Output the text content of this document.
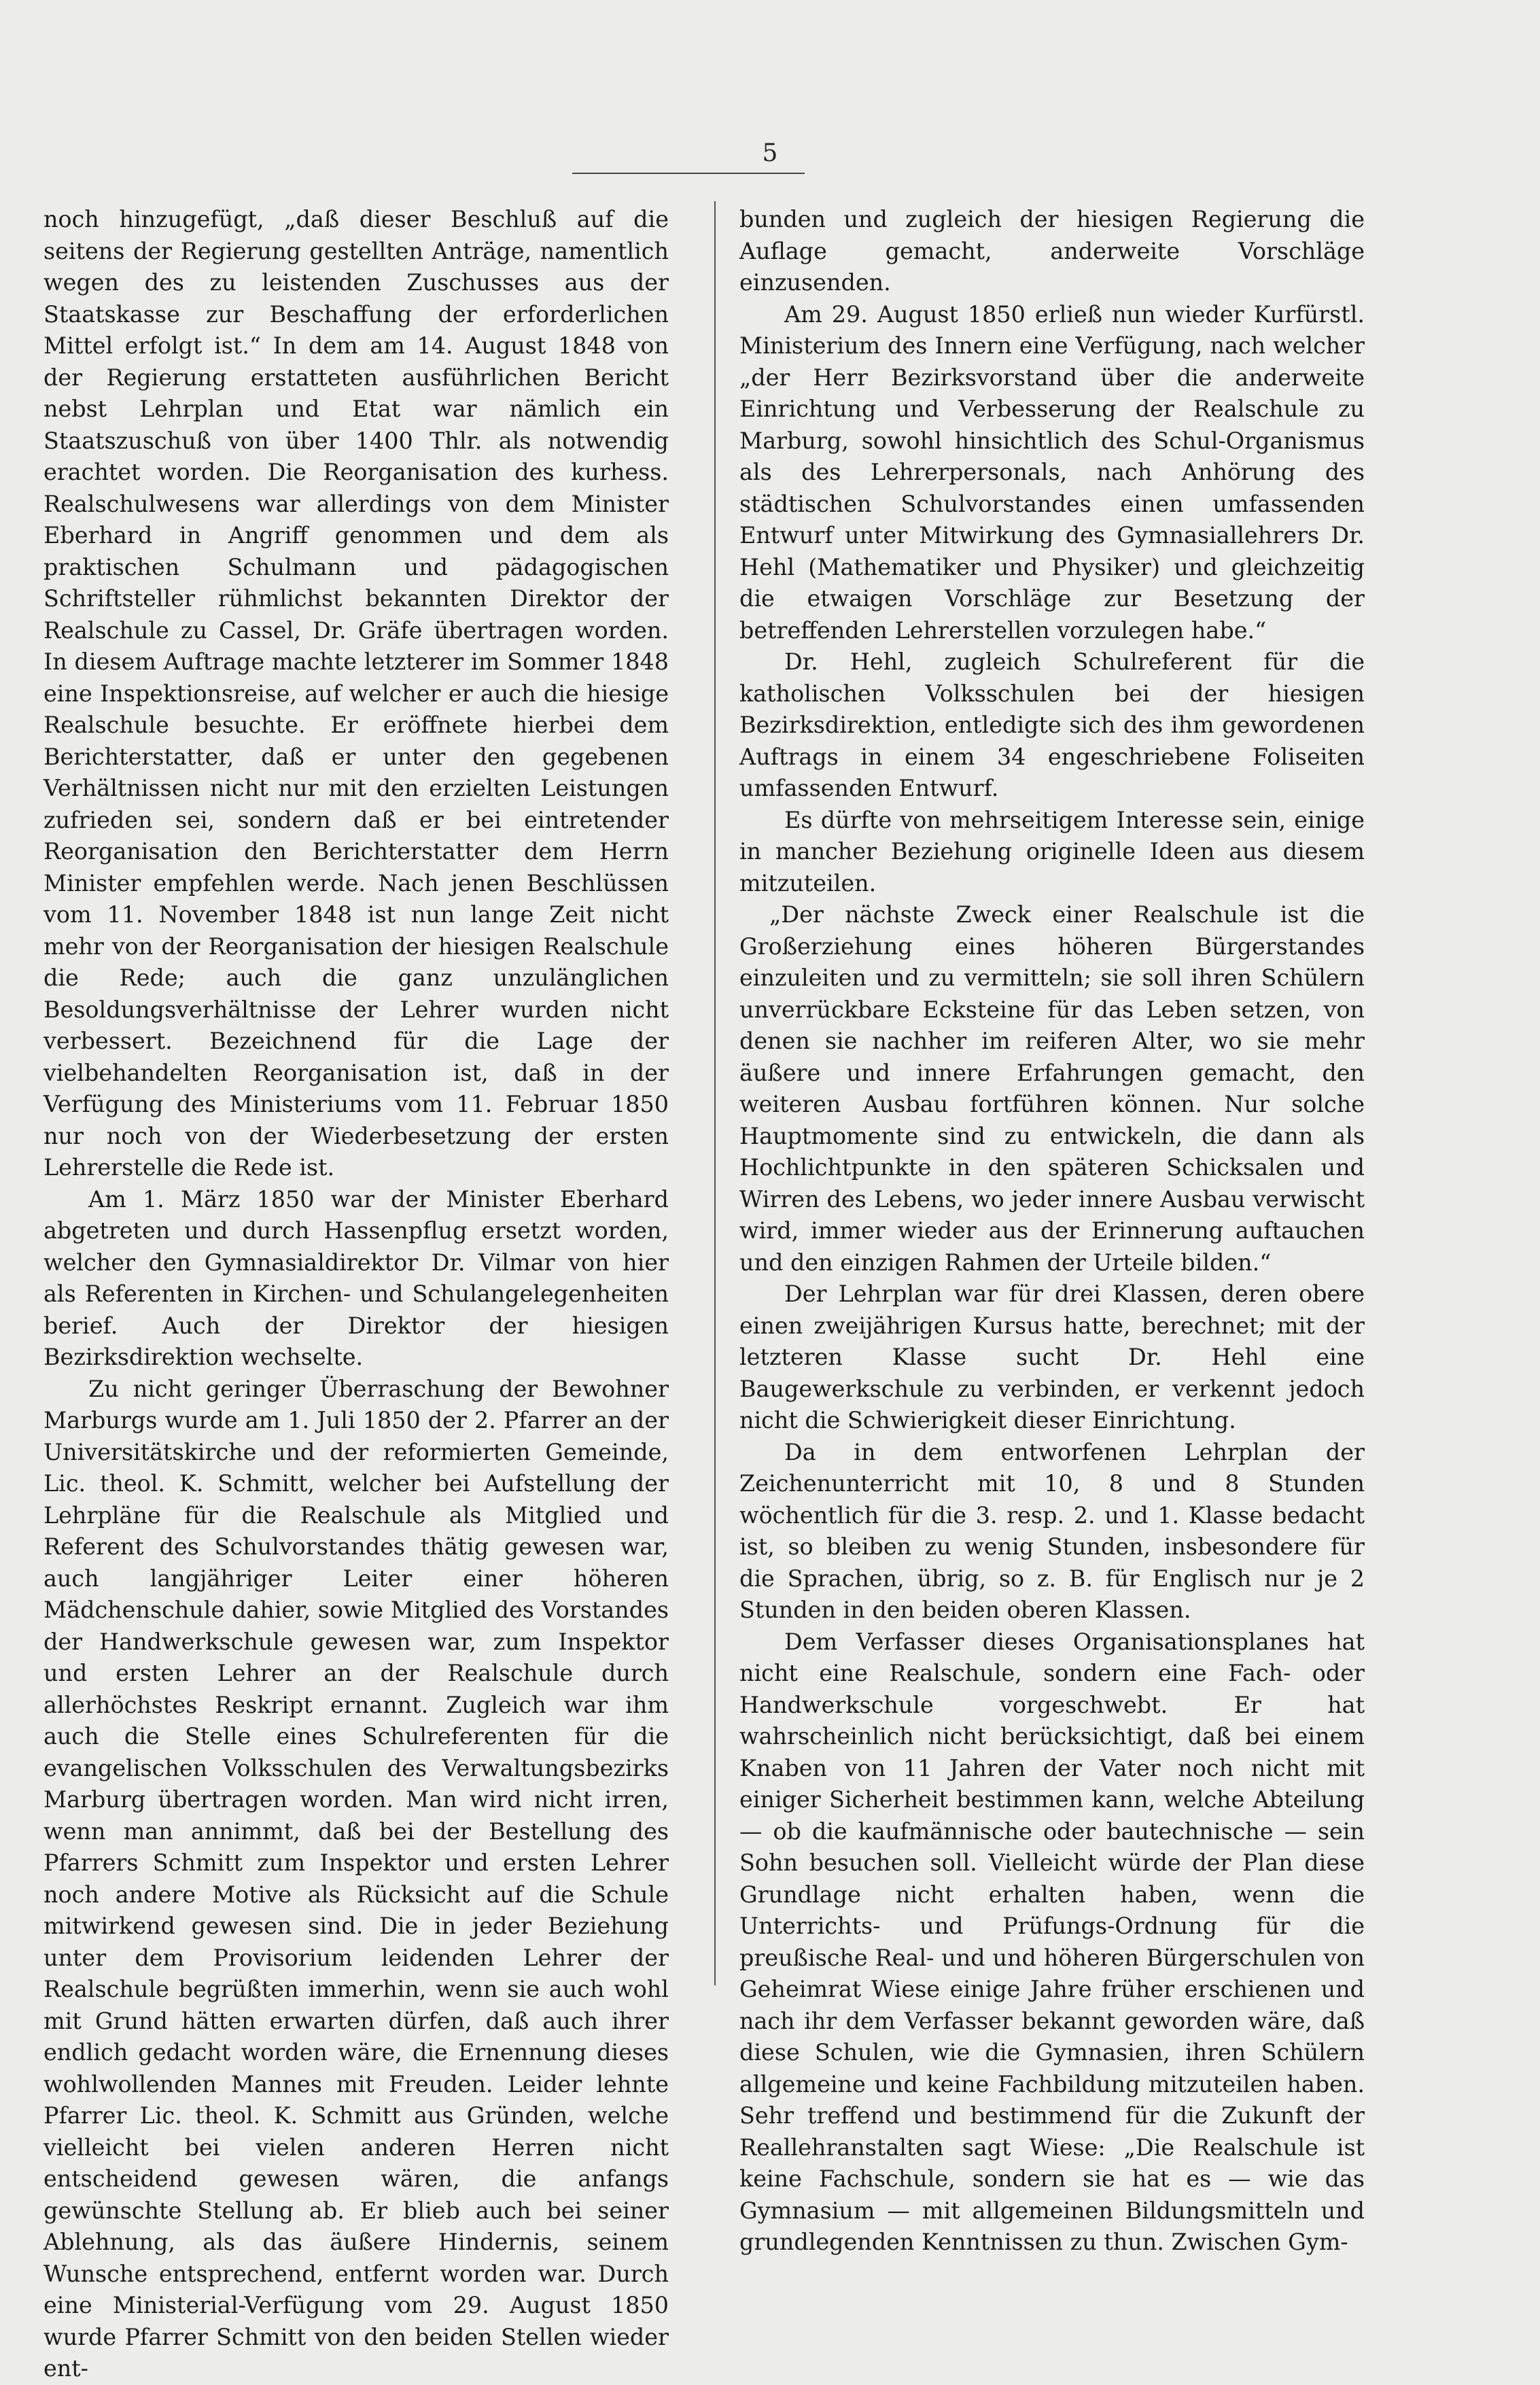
5

noch hinzugefügt, „daß dieser Beschluß auf die seitens der Regierung gestellten Anträge, namentlich wegen des zu leistenden Zuschusses aus der Staatskasse zur Beschaffung der erforderlichen Mittel erfolgt ist.“ In dem am 14. August 1848 von der Regierung erstatteten ausführlichen Bericht nebst Lehrplan und Etat war nämlich ein Staatszuschuß von über 1400 Thlr. als notwendig erachtet worden. Die Reorganisation des kurhess. Realschulwesens war allerdings von dem Minister Eberhard in Angriff genommen und dem als praktischen Schulmann und pädagogischen Schriftsteller rühmlichst bekannten Direktor der Realschule zu Cassel, Dr. Gräfe übertragen worden. In diesem Auftrage machte letzterer im Sommer 1848 eine Inspektionsreise, auf welcher er auch die hiesige Realschule besuchte. Er eröffnete hierbei dem Berichterstatter, daß er unter den gegebenen Verhältnissen nicht nur mit den erzielten Leistungen zufrieden sei, sondern daß er bei eintretender Reorganisation den Berichterstatter dem Herrn Minister empfehlen werde. Nach jenen Beschlüssen vom 11. November 1848 ist nun lange Zeit nicht mehr von der Reorganisation der hiesigen Realschule die Rede; auch die ganz unzulänglichen Besoldungsverhältnisse der Lehrer wurden nicht verbessert. Bezeichnend für die Lage der vielbehandelten Reorganisation ist, daß in der Verfügung des Ministeriums vom 11. Februar 1850 nur noch von der Wiederbesetzung der ersten Lehrerstelle die Rede ist.

Am 1. März 1850 war der Minister Eberhard abgetreten und durch Hassenpflug ersetzt worden, welcher den Gymnasialdirektor Dr. Vilmar von hier als Referenten in Kirchen- und Schulangelegenheiten berief. Auch der Direktor der hiesigen Bezirksdirektion wechselte.

Zu nicht geringer Überraschung der Bewohner Marburgs wurde am 1. Juli 1850 der 2. Pfarrer an der Universitätskirche und der reformierten Gemeinde, Lic. theol. K. Schmitt, welcher bei Aufstellung der Lehrpläne für die Realschule als Mitglied und Referent des Schulvorstandes thätig gewesen war, auch langjähriger Leiter einer höheren Mädchenschule dahier, sowie Mitglied des Vorstandes der Handwerkschule gewesen war, zum Inspektor und ersten Lehrer an der Realschule durch allerhöchstes Reskript ernannt. Zugleich war ihm auch die Stelle eines Schulreferenten für die evangelischen Volksschulen des Verwaltungsbezirks Marburg übertragen worden. Man wird nicht irren, wenn man annimmt, daß bei der Bestellung des Pfarrers Schmitt zum Inspektor und ersten Lehrer noch andere Motive als Rücksicht auf die Schule mitwirkend gewesen sind. Die in jeder Beziehung unter dem Provisorium leidenden Lehrer der Realschule begrüßten immerhin, wenn sie auch wohl mit Grund hätten erwarten dürfen, daß auch ihrer endlich gedacht worden wäre, die Ernennung dieses wohlwollenden Mannes mit Freuden. Leider lehnte Pfarrer Lic. theol. K. Schmitt aus Gründen, welche vielleicht bei vielen anderen Herren nicht entscheidend gewesen wären, die anfangs gewünschte Stellung ab. Er blieb auch bei seiner Ablehnung, als das äußere Hindernis, seinem Wunsche entsprechend, entfernt worden war. Durch eine Ministerial-Verfügung vom 29. August 1850 wurde Pfarrer Schmitt von den beiden Stellen wieder ent-

bunden und zugleich der hiesigen Regierung die Auflage gemacht, anderweite Vorschläge einzusenden.

Am 29. August 1850 erließ nun wieder Kurfürstl. Ministerium des Innern eine Verfügung, nach welcher „der Herr Bezirksvorstand über die anderweite Einrichtung und Verbesserung der Realschule zu Marburg, sowohl hinsichtlich des Schul-Organismus als des Lehrerpersonals, nach Anhörung des städtischen Schulvorstandes einen umfassenden Entwurf unter Mitwirkung des Gymnasiallehrers Dr. Hehl (Mathematiker und Physiker) und gleichzeitig die etwaigen Vorschläge zur Besetzung der betreffenden Lehrerstellen vorzulegen habe.“

Dr. Hehl, zugleich Schulreferent für die katholischen Volksschulen bei der hiesigen Bezirksdirektion, entledigte sich des ihm gewordenen Auftrags in einem 34 engeschriebene Foliseiten umfassenden Entwurf.

Es dürfte von mehrseitigem Interesse sein, einige in mancher Beziehung originelle Ideen aus diesem mitzuteilen.

„Der nächste Zweck einer Realschule ist die Großerziehung eines höheren Bürgerstandes einzuleiten und zu vermitteln; sie soll ihren Schülern unverrückbare Ecksteine für das Leben setzen, von denen sie nachher im reiferen Alter, wo sie mehr äußere und innere Erfahrungen gemacht, den weiteren Ausbau fortführen können. Nur solche Hauptmomente sind zu entwickeln, die dann als Hochlichtpunkte in den späteren Schicksalen und Wirren des Lebens, wo jeder innere Ausbau verwischt wird, immer wieder aus der Erinnerung auftauchen und den einzigen Rahmen der Urteile bilden.“

Der Lehrplan war für drei Klassen, deren obere einen zweijährigen Kursus hatte, berechnet; mit der letzteren Klasse sucht Dr. Hehl eine Baugewerkschule zu verbinden, er verkennt jedoch nicht die Schwierigkeit dieser Einrichtung.

Da in dem entworfenen Lehrplan der Zeichenunterricht mit 10, 8 und 8 Stunden wöchentlich für die 3. resp. 2. und 1. Klasse bedacht ist, so bleiben zu wenig Stunden, insbesondere für die Sprachen, übrig, so z. B. für Englisch nur je 2 Stunden in den beiden oberen Klassen.

Dem Verfasser dieses Organisationsplanes hat nicht eine Realschule, sondern eine Fach- oder Handwerkschule vorgeschwebt. Er hat wahrscheinlich nicht berücksichtigt, daß bei einem Knaben von 11 Jahren der Vater noch nicht mit einiger Sicherheit bestimmen kann, welche Abteilung — ob die kaufmännische oder bautechnische — sein Sohn besuchen soll. Vielleicht würde der Plan diese Grundlage nicht erhalten haben, wenn die Unterrichts- und Prüfungs-Ordnung für die preußische Real- und und höheren Bürgerschulen von Geheimrat Wiese einige Jahre früher erschienen und nach ihr dem Verfasser bekannt geworden wäre, daß diese Schulen, wie die Gymnasien, ihren Schülern allgemeine und keine Fachbildung mitzuteilen haben. Sehr treffend und bestimmend für die Zukunft der Reallehranstalten sagt Wiese: „Die Realschule ist keine Fachschule, sondern sie hat es — wie das Gymnasium — mit allgemeinen Bildungsmitteln und grundlegenden Kenntnissen zu thun. Zwischen Gym-
